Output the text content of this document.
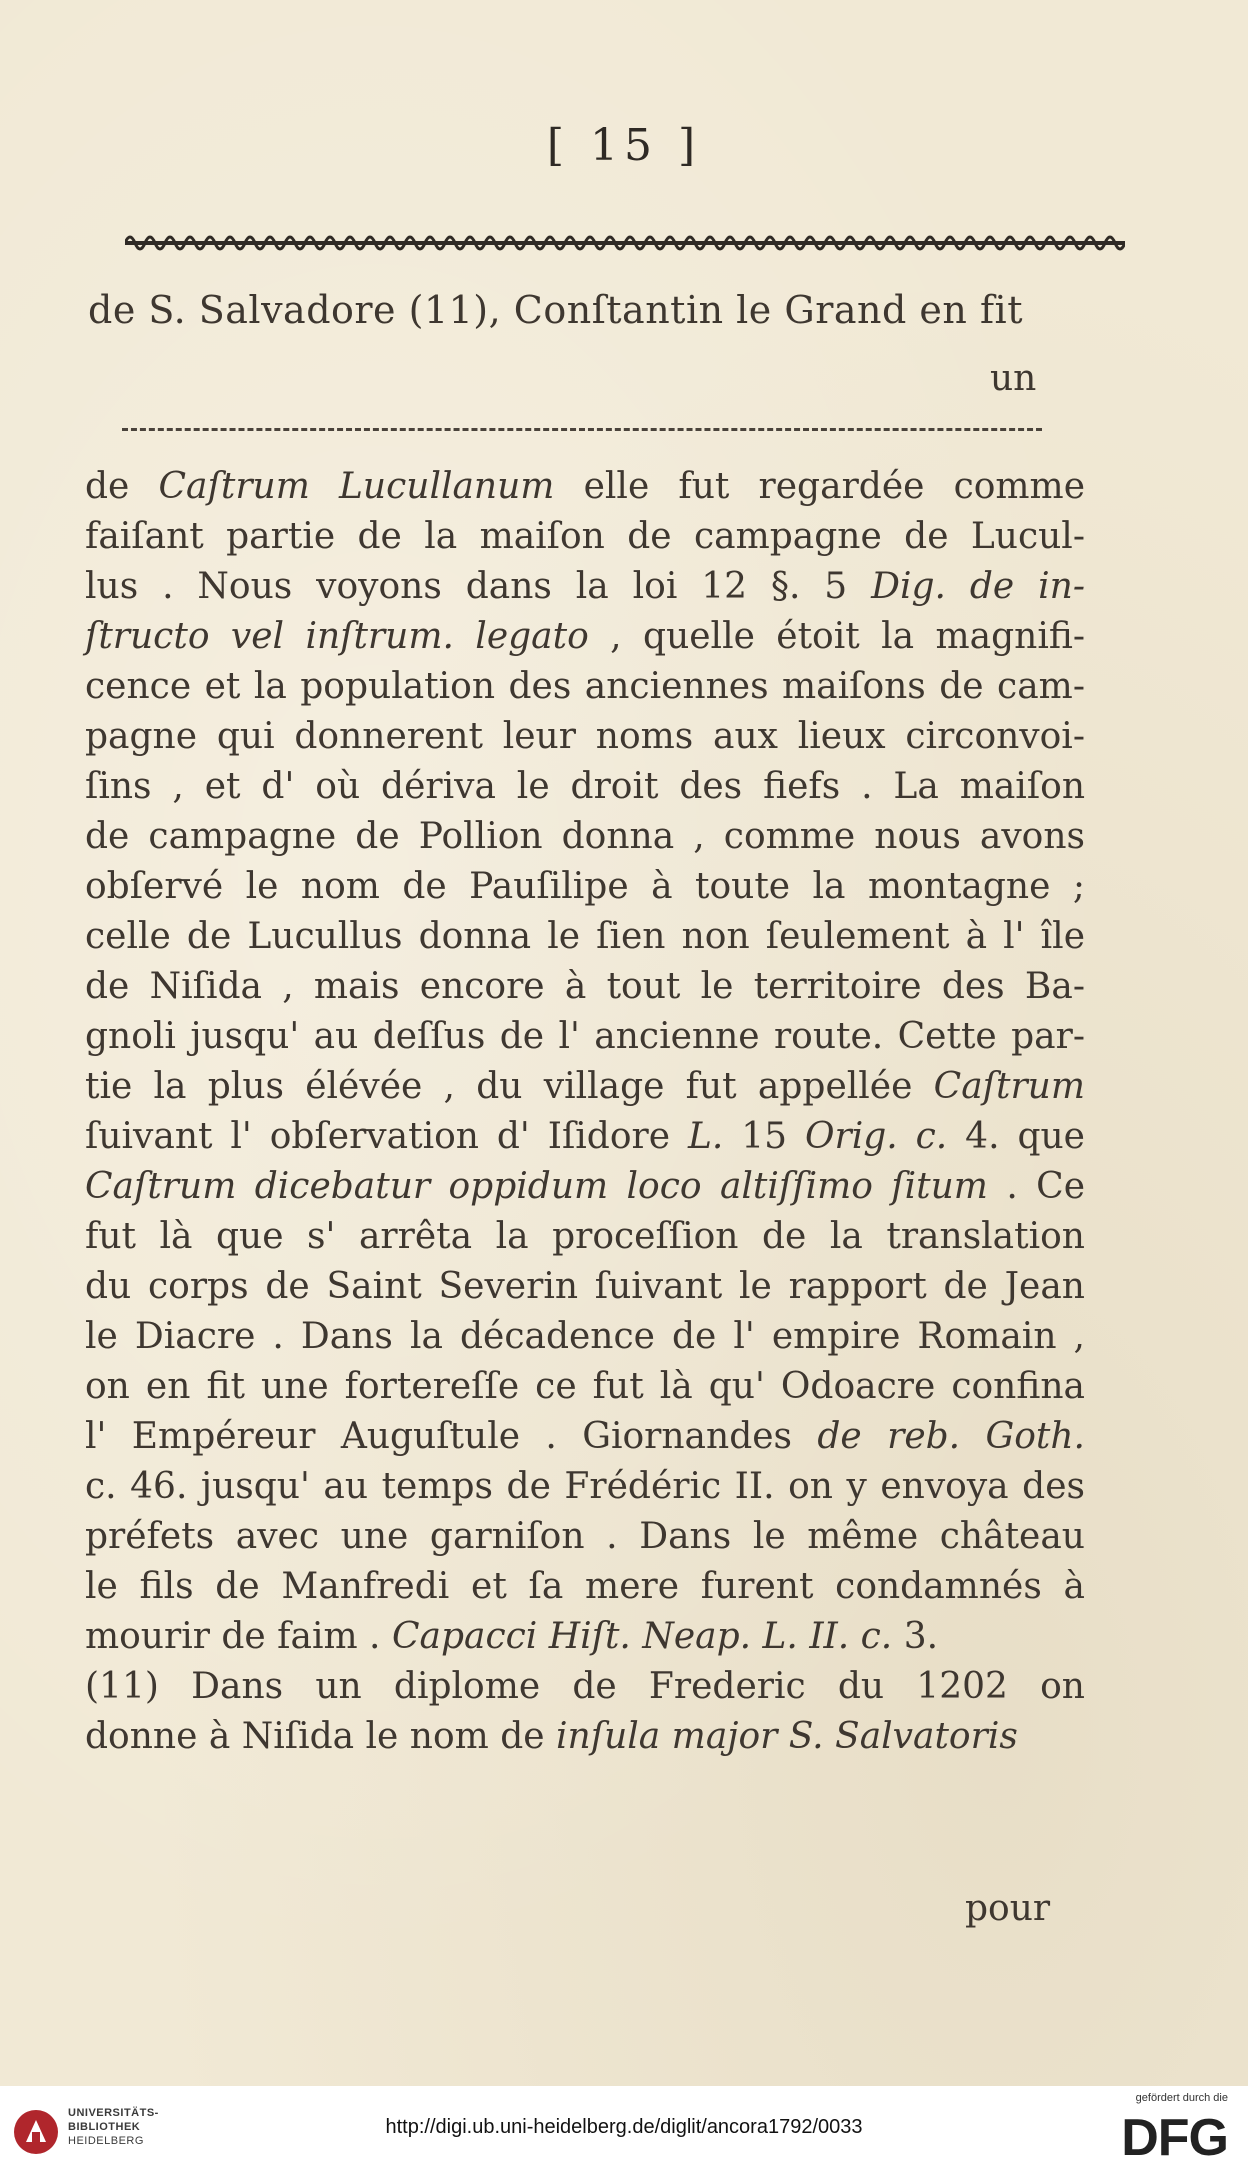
[ 15 ]
de S. Salvadore (11), Conſtantin le Grand en fit
un
de Caſtrum Lucullanum elle fut regardée comme
faiſant partie de la maiſon de campagne de Lucul-
lus . Nous voyons dans la loi 12 §. 5 Dig. de in-
ſtructo vel inſtrum. legato , quelle étoit la magnifi-
cence et la population des anciennes maiſons de cam-
pagne qui donnerent leur noms aux lieux circonvoi-
ſins , et d' où dériva le droit des fiefs . La maiſon
de campagne de Pollion donna , comme nous avons
obſervé le nom de Pauſilipe à toute la montagne ;
celle de Lucullus donna le ſien non ſeulement à l' île
de Niſida , mais encore à tout le territoire des Ba-
gnoli jusqu' au deſſus de l' ancienne route. Cette par-
tie la plus élévée , du village fut appellée Caſtrum
ſuivant l' obſervation d' Iſidore L. 15 Orig. c. 4. que
Caſtrum dicebatur oppidum loco altiſſimo ſitum . Ce
fut là que s' arrêta la proceſſion de la translation
du corps de Saint Severin ſuivant le rapport de Jean
le Diacre . Dans la décadence de l' empire Romain ,
on en fit une fortereſſe ce fut là qu' Odoacre confina
l' Empéreur Auguſtule . Giornandes de reb. Goth.
c. 46. jusqu' au temps de Frédéric II. on y envoya des
préfets avec une garniſon . Dans le même château
le fils de Manfredi et ſa mere furent condamnés à
mourir de faim . Capacci Hiſt. Neap. L. II. c. 3.
(11) Dans un diplome de Frederic du 1202 on
donne à Niſida le nom de inſula major S. Salvatoris
pour
UNIVERSITÄTS-
BIBLIOTHEK
HEIDELBERG
http://digi.ub.uni-heidelberg.de/diglit/ancora1792/0033
gefördert durch die
DFG
